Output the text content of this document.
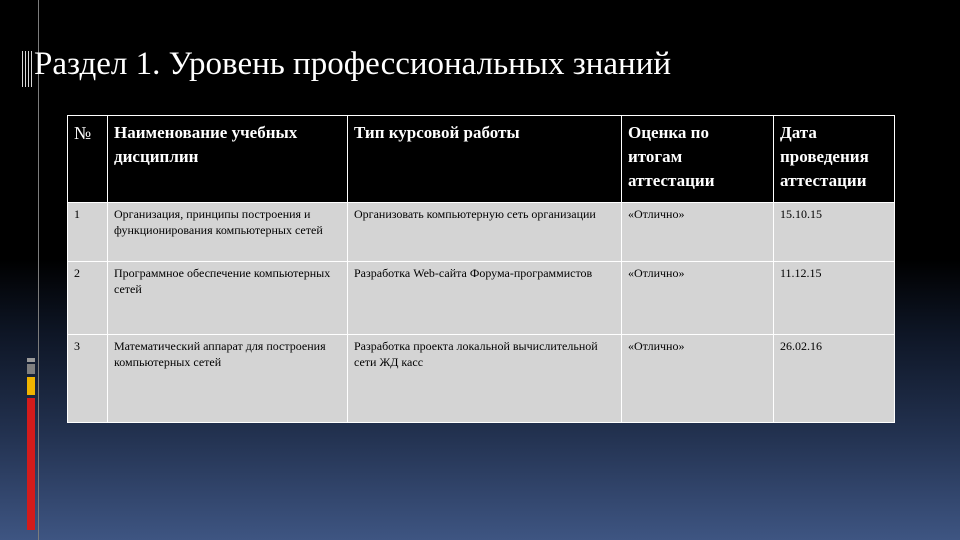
Раздел 1. Уровень профессиональных знаний
№	Наименование учебных дисциплин	Тип курсовой работы	Оценка по итогам аттестации	Дата проведения аттестации
1	Организация, принципы построения и функционирования компьютерных сетей	Организовать компьютерную сеть организации	«Отлично»	15.10.15
2	Программное обеспечение компьютерных сетей	Разработка Web-сайта Форума-программистов	«Отлично»	11.12.15
3	Математический аппарат для построения компьютерных сетей	Разработка проекта локальной вычислительной сети ЖД касс	«Отлично»	26.02.16
